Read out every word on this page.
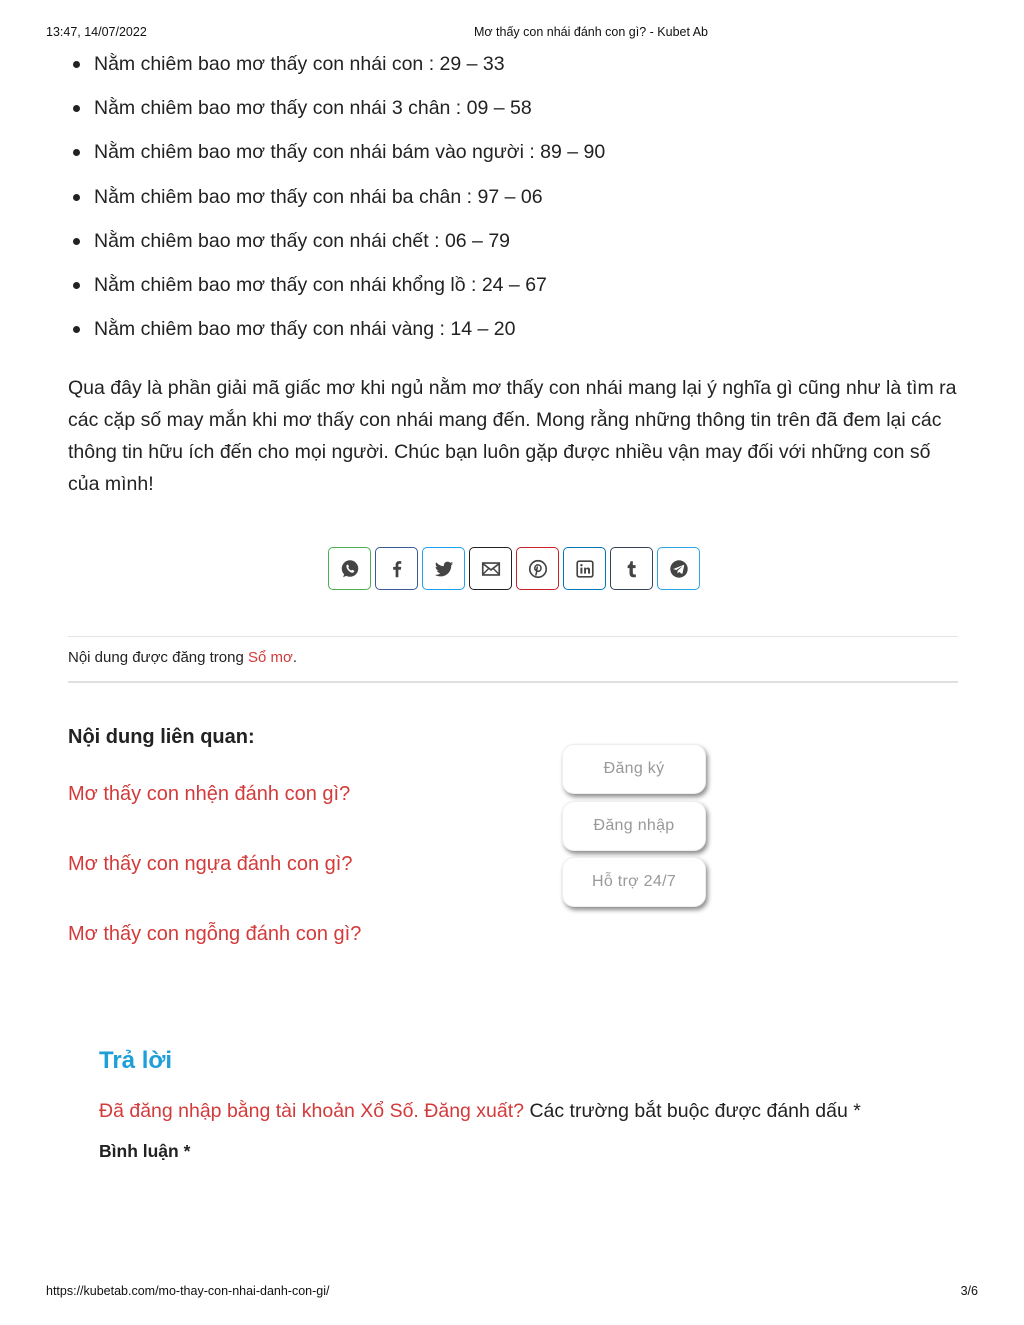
13:47, 14/07/2022	Mơ thấy con nhái đánh con gì? - Kubet Ab
Nằm chiêm bao mơ thấy con nhái con : 29 – 33
Nằm chiêm bao mơ thấy con nhái 3 chân : 09 – 58
Nằm chiêm bao mơ thấy con nhái bám vào người : 89 – 90
Nằm chiêm bao mơ thấy con nhái ba chân : 97 – 06
Nằm chiêm bao mơ thấy con nhái chết : 06 – 79
Nằm chiêm bao mơ thấy con nhái khổng lồ : 24 – 67
Nằm chiêm bao mơ thấy con nhái vàng : 14 – 20

Qua đây là phần giải mã giấc mơ khi ngủ nằm mơ thấy con nhái mang lại ý nghĩa gì cũng như là tìm ra các cặp số may mắn khi mơ thấy con nhái mang đến. Mong rằng những thông tin trên đã đem lại các thông tin hữu ích đến cho mọi người. Chúc bạn luôn gặp được nhiều vận may đối với những con số của mình!

Nội dung được đăng trong Sổ mơ.

Nội dung liên quan:
Mơ thấy con nhện đánh con gì?
Mơ thấy con ngựa đánh con gì?
Mơ thấy con ngỗng đánh con gì?
Đăng ký
Đăng nhập
Hỗ trợ 24/7
Trả lời

Đã đăng nhập bằng tài khoản Xổ Số. Đăng xuất? Các trường bắt buộc được đánh dấu *

Bình luận *
https://kubetab.com/mo-thay-con-nhai-danh-con-gi/	3/6
